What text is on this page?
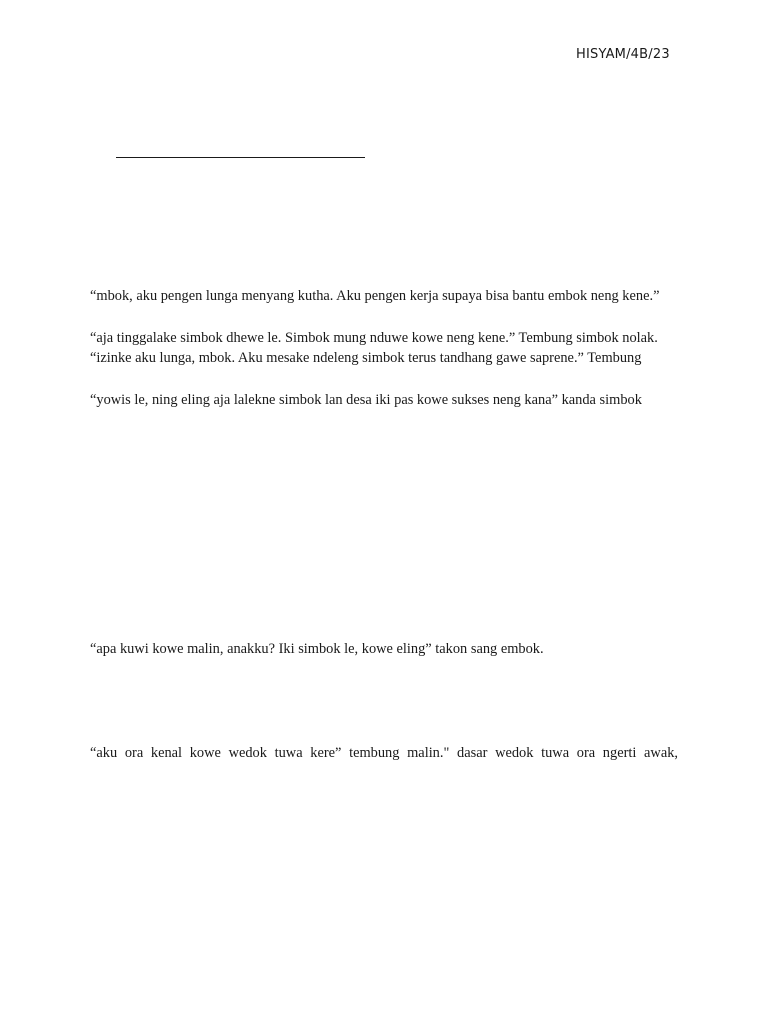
HISYAM/4B/23
“mbok, aku pengen lunga menyang kutha. Aku pengen kerja supaya bisa bantu embok neng kene.”
“aja tinggalake simbok dhewe le. Simbok mung nduwe kowe neng kene.” Tembung simbok nolak.
“izinke aku lunga, mbok. Aku mesake ndeleng simbok terus tandhang gawe saprene.” Tembung
“yowis le, ning eling aja lalekne simbok lan desa iki pas kowe sukses neng kana” kanda simbok
“apa kuwi kowe malin, anakku? Iki simbok le, kowe eling” takon sang embok.
“aku ora kenal kowe wedok tuwa kere” tembung malin." dasar wedok tuwa ora ngerti awak,
